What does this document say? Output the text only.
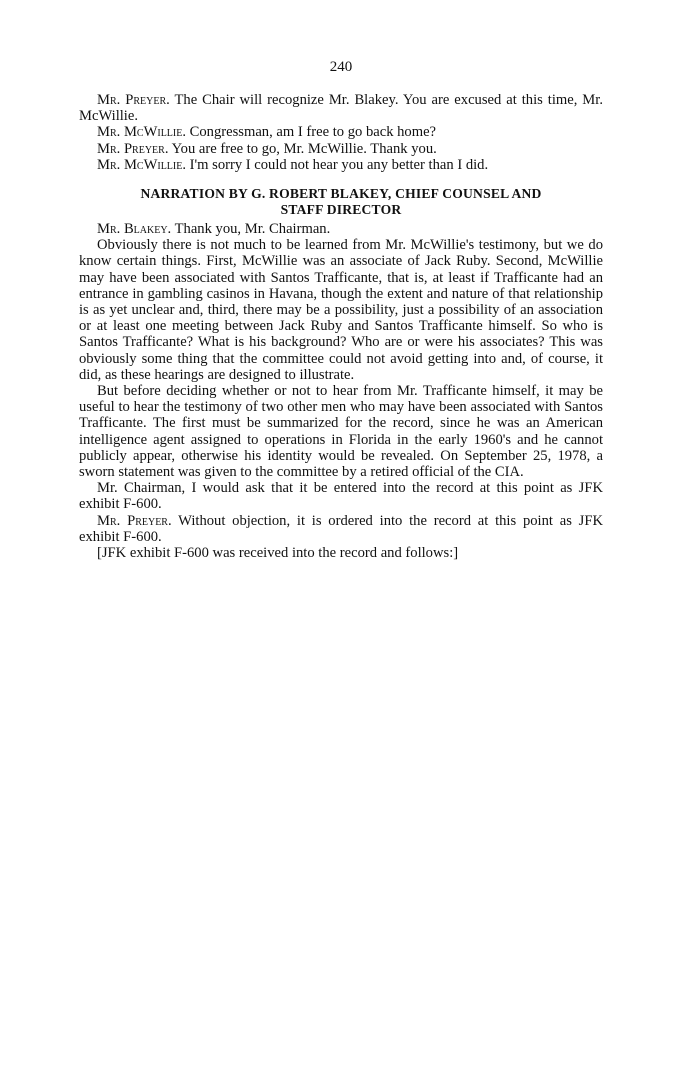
240

Mr. Preyer. The Chair will recognize Mr. Blakey. You are excused at this time, Mr. McWillie.

Mr. McWillie. Congressman, am I free to go back home?

Mr. Preyer. You are free to go, Mr. McWillie. Thank you.

Mr. McWillie. I'm sorry I could not hear you any better than I did.

NARRATION BY G. ROBERT BLAKEY, CHIEF COUNSEL AND
STAFF DIRECTOR

Mr. Blakey. Thank you, Mr. Chairman.

Obviously there is not much to be learned from Mr. McWillie's testimony, but we do know certain things. First, McWillie was an associate of Jack Ruby. Second, McWillie may have been associated with Santos Trafficante, that is, at least if Trafficante had an entrance in gambling casinos in Havana, though the extent and nature of that relationship is as yet unclear and, third, there may be a possibility, just a possibility of an association or at least one meeting between Jack Ruby and Santos Trafficante himself. So who is Santos Trafficante? What is his background? Who are or were his associates? This was obviously some thing that the committee could not avoid getting into and, of course, it did, as these hearings are designed to illustrate.

But before deciding whether or not to hear from Mr. Trafficante himself, it may be useful to hear the testimony of two other men who may have been associated with Santos Trafficante. The first must be summarized for the record, since he was an American intelligence agent assigned to operations in Florida in the early 1960's and he cannot publicly appear, otherwise his identity would be revealed. On September 25, 1978, a sworn statement was given to the committee by a retired official of the CIA.

Mr. Chairman, I would ask that it be entered into the record at this point as JFK exhibit F-600.

Mr. Preyer. Without objection, it is ordered into the record at this point as JFK exhibit F-600.

[JFK exhibit F-600 was received into the record and follows:]
